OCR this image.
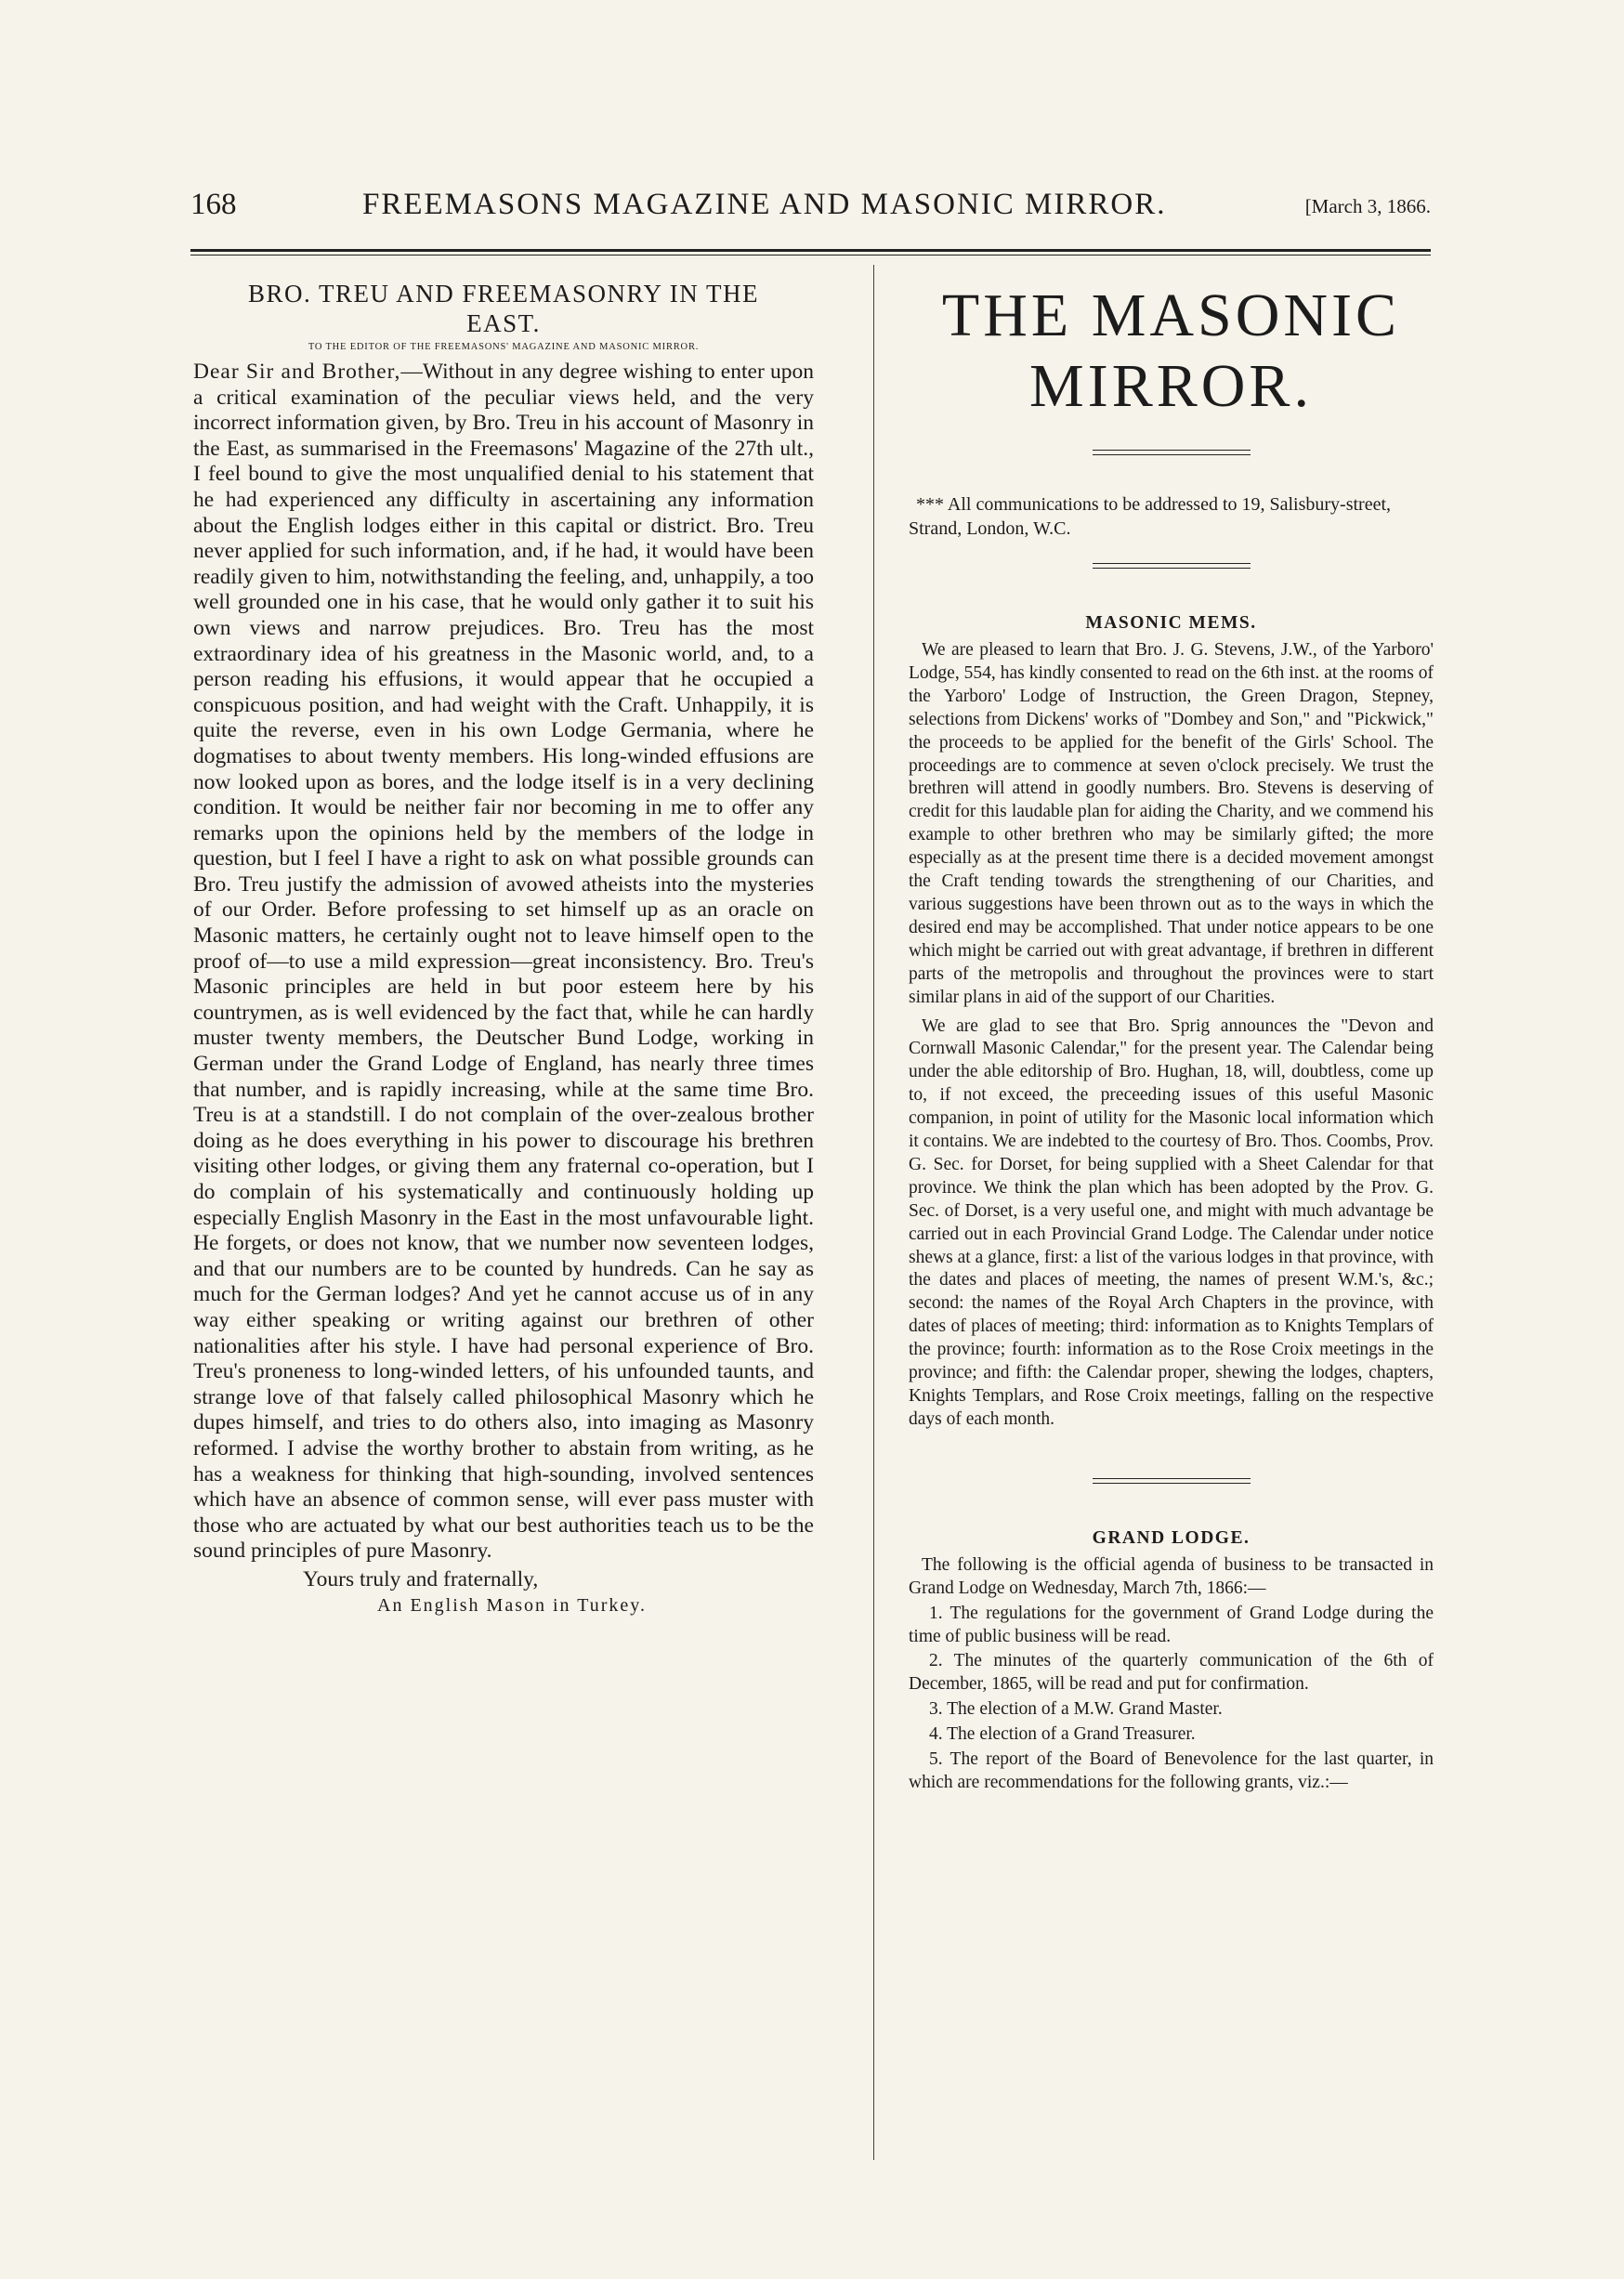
168	FREEMASONS MAGAZINE AND MASONIC MIRROR.	[March 3, 1866.
BRO. TREU AND FREEMASONRY IN THE EAST.
TO THE EDITOR OF THE FREEMASONS' MAGAZINE AND MASONIC MIRROR.

Dear Sir and Brother,—Without in any degree wishing to enter upon a critical examination of the peculiar views held, and the very incorrect information given, by Bro. Treu in his account of Masonry in the East, as summarised in the Freemasons' Magazine of the 27th ult., I feel bound to give the most unqualified denial to his statement that he had experienced any difficulty in ascertaining any information about the English lodges either in this capital or district. Bro. Treu never applied for such information, and, if he had, it would have been readily given to him, notwithstanding the feeling, and, unhappily, a too well grounded one in his case, that he would only gather it to suit his own views and narrow prejudices. Bro. Treu has the most extraordinary idea of his greatness in the Masonic world, and, to a person reading his effusions, it would appear that he occupied a conspicuous position, and had weight with the Craft. Unhappily, it is quite the reverse, even in his own Lodge Germania, where he dogmatises to about twenty members. His long-winded effusions are now looked upon as bores, and the lodge itself is in a very declining condition. It would be neither fair nor becoming in me to offer any remarks upon the opinions held by the members of the lodge in question, but I feel I have a right to ask on what possible grounds can Bro. Treu justify the admission of avowed atheists into the mysteries of our Order. Before professing to set himself up as an oracle on Masonic matters, he certainly ought not to leave himself open to the proof of—to use a mild expression—great inconsistency. Bro. Treu's Masonic principles are held in but poor esteem here by his countrymen, as is well evidenced by the fact that, while he can hardly muster twenty members, the Deutscher Bund Lodge, working in German under the Grand Lodge of England, has nearly three times that number, and is rapidly increasing, while at the same time Bro. Treu is at a standstill. I do not complain of the over-zealous brother doing as he does everything in his power to discourage his brethren visiting other lodges, or giving them any fraternal co-operation, but I do complain of his systematically and continuously holding up especially English Masonry in the East in the most unfavourable light. He forgets, or does not know, that we number now seventeen lodges, and that our numbers are to be counted by hundreds. Can he say as much for the German lodges? And yet he cannot accuse us of in any way either speaking or writing against our brethren of other nationalities after his style. I have had personal experience of Bro. Treu's proneness to long-winded letters, of his unfounded taunts, and strange love of that falsely called philosophical Masonry which he dupes himself, and tries to do others also, into imaging as Masonry reformed. I advise the worthy brother to abstain from writing, as he has a weakness for thinking that high-sounding, involved sentences which have an absence of common sense, will ever pass muster with those who are actuated by what our best authorities teach us to be the sound principles of pure Masonry.

Yours truly and fraternally,
An English Mason in Turkey.
THE MASONIC MIRROR.

*** All communications to be addressed to 19, Salisbury-street, Strand, London, W.C.

MASONIC MEMS.

We are pleased to learn that Bro. J. G. Stevens, J.W., of the Yarboro' Lodge, 554, has kindly consented to read on the 6th inst. at the rooms of the Yarboro' Lodge of Instruction, the Green Dragon, Stepney, selections from Dickens' works of "Dombey and Son," and "Pickwick," the proceeds to be applied for the benefit of the Girls' School. The proceedings are to commence at seven o'clock precisely. We trust the brethren will attend in goodly numbers. Bro. Stevens is deserving of credit for this laudable plan for aiding the Charity, and we commend his example to other brethren who may be similarly gifted; the more especially as at the present time there is a decided movement amongst the Craft tending towards the strengthening of our Charities, and various suggestions have been thrown out as to the ways in which the desired end may be accomplished. That under notice appears to be one which might be carried out with great advantage, if brethren in different parts of the metropolis and throughout the provinces were to start similar plans in aid of the support of our Charities.

We are glad to see that Bro. Sprig announces the "Devon and Cornwall Masonic Calendar," for the present year. The Calendar being under the able editorship of Bro. Hughan, 18, will, doubtless, come up to, if not exceed, the preceeding issues of this useful Masonic companion, in point of utility for the Masonic local information which it contains. We are indebted to the courtesy of Bro. Thos. Coombs, Prov. G. Sec. for Dorset, for being supplied with a Sheet Calendar for that province. We think the plan which has been adopted by the Prov. G. Sec. of Dorset, is a very useful one, and might with much advantage be carried out in each Provincial Grand Lodge. The Calendar under notice shews at a glance, first: a list of the various lodges in that province, with the dates and places of meeting, the names of present W.M.'s, &c.; second: the names of the Royal Arch Chapters in the province, with dates of places of meeting; third: information as to Knights Templars of the province; fourth: information as to the Rose Croix meetings in the province; and fifth: the Calendar proper, shewing the lodges, chapters, Knights Templars, and Rose Croix meetings, falling on the respective days of each month.

GRAND LODGE.

The following is the official agenda of business to be transacted in Grand Lodge on Wednesday, March 7th, 1866:—

1. The regulations for the government of Grand Lodge during the time of public business will be read.

2. The minutes of the quarterly communication of the 6th of December, 1865, will be read and put for confirmation.

3. The election of a M.W. Grand Master.

4. The election of a Grand Treasurer.

5. The report of the Board of Benevolence for the last quarter, in which are recommendations for the following grants, viz.:—
